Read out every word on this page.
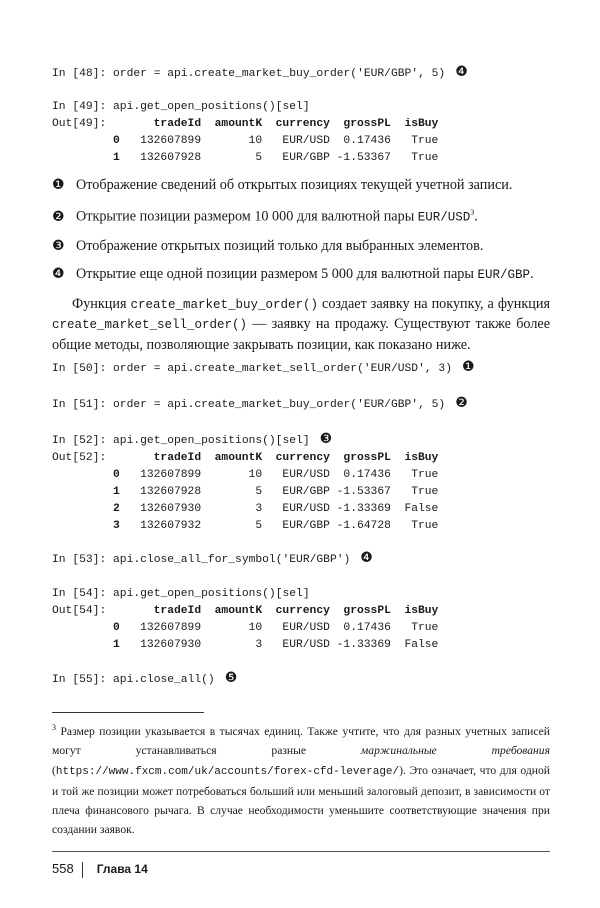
In [48]: order = api.create_market_buy_order('EUR/GBP', 5) ❹
In [49]: api.get_open_positions()[sel]
Out[49]:	tradeId amountK currency grossPL isBuy
0 132607899	10 EUR/USD 0.17436 True
1 132607928	5 EUR/GBP -1.53367 True
❶ Отображение сведений об открытых позициях текущей учетной записи.
❷ Открытие позиции размером 10 000 для валютной пары EUR/USD$^3$.
❸ Отображение открытых позиций только для выбранных элементов.
❹ Открытие еще одной позиции размером 5 000 для валютной пары EUR/GBP.
Функция create_market_buy_order() создает заявку на покупку, а функция create_market_sell_order() — заявку на продажу. Существуют также более общие методы, позволяющие закрывать позиции, как показано ниже.
In [50]: order = api.create_market_sell_order('EUR/USD', 3) ❶
In [51]: order = api.create_market_buy_order('EUR/GBP', 5) ❷
In [52]: api.get_open_positions()[sel] ❸
Out[52]:	tradeId amountK currency grossPL isBuy
0 132607899	10 EUR/USD 0.17436 True
1 132607928	5 EUR/GBP -1.53367 True
2 132607930	3 EUR/USD -1.33369 False
3 132607932	5 EUR/GBP -1.64728 True
In [53]: api.close_all_for_symbol('EUR/GBP') ❹
In [54]: api.get_open_positions()[sel]
Out[54]:	tradeId amountK currency grossPL isBuy
0 132607899	10 EUR/USD 0.17436 True
1 132607930	3 EUR/USD -1.33369 False
In [55]: api.close_all() ❺
$^3$ Размер позиции указывается в тысячах единиц. Также учтите, что для разных учетных записей могут устанавливаться разные маржинальные требования (https://www.fxcm.com/uk/accounts/forex-cfd-leverage/). Это означает, что для одной и той же позиции может потребоваться больший или меньший залоговый депозит, в зависимости от плеча финансового рычага. В случае необходимости уменьшите соответствующие значения при создании заявок.
558 Глава 14
